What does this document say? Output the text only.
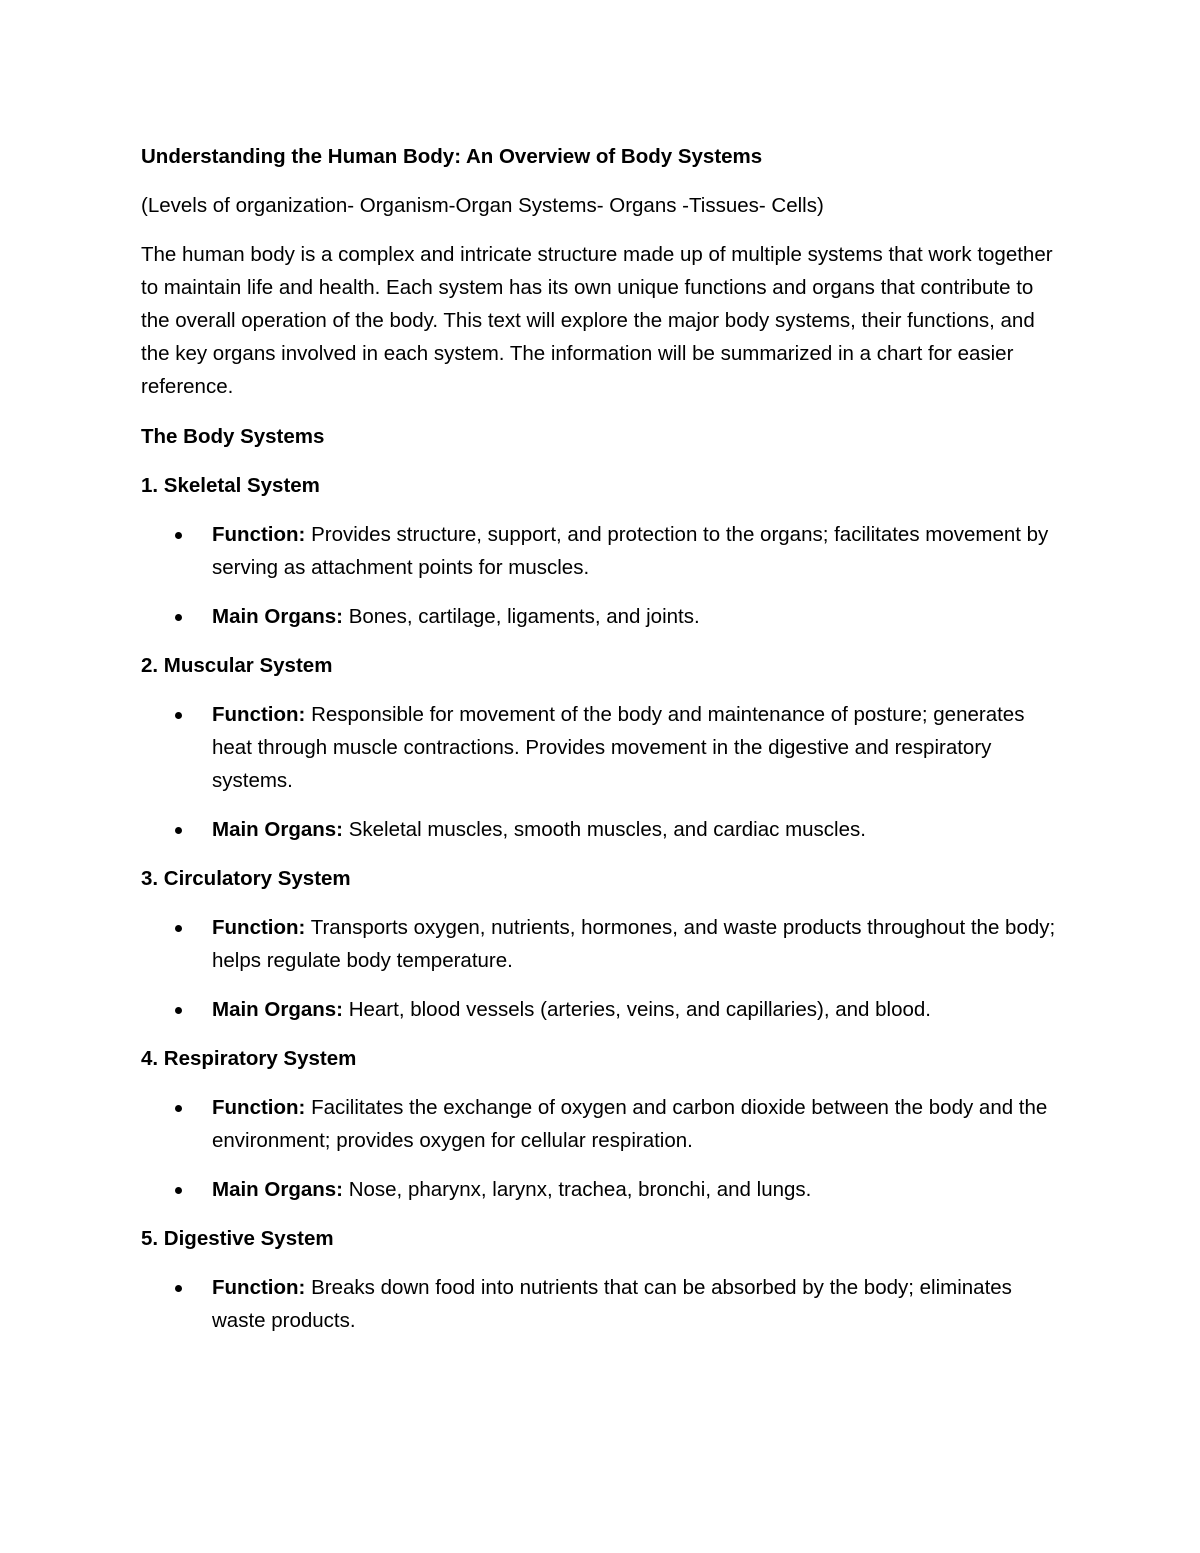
Understanding the Human Body: An Overview of Body Systems

(Levels of organization- Organism-Organ Systems- Organs -Tissues- Cells)

The human body is a complex and intricate structure made up of multiple systems that work together to maintain life and health. Each system has its own unique functions and organs that contribute to the overall operation of the body. This text will explore the major body systems, their functions, and the key organs involved in each system. The information will be summarized in a chart for easier reference.

The Body Systems

1. Skeletal System

Function: Provides structure, support, and protection to the organs; facilitates movement by serving as attachment points for muscles.
Main Organs: Bones, cartilage, ligaments, and joints.

2. Muscular System

Function: Responsible for movement of the body and maintenance of posture; generates heat through muscle contractions. Provides movement in the digestive and respiratory systems.
Main Organs: Skeletal muscles, smooth muscles, and cardiac muscles.

3. Circulatory System

Function: Transports oxygen, nutrients, hormones, and waste products throughout the body; helps regulate body temperature.
Main Organs: Heart, blood vessels (arteries, veins, and capillaries), and blood.

4. Respiratory System

Function: Facilitates the exchange of oxygen and carbon dioxide between the body and the environment; provides oxygen for cellular respiration.
Main Organs: Nose, pharynx, larynx, trachea, bronchi, and lungs.

5. Digestive System

Function: Breaks down food into nutrients that can be absorbed by the body; eliminates waste products.
